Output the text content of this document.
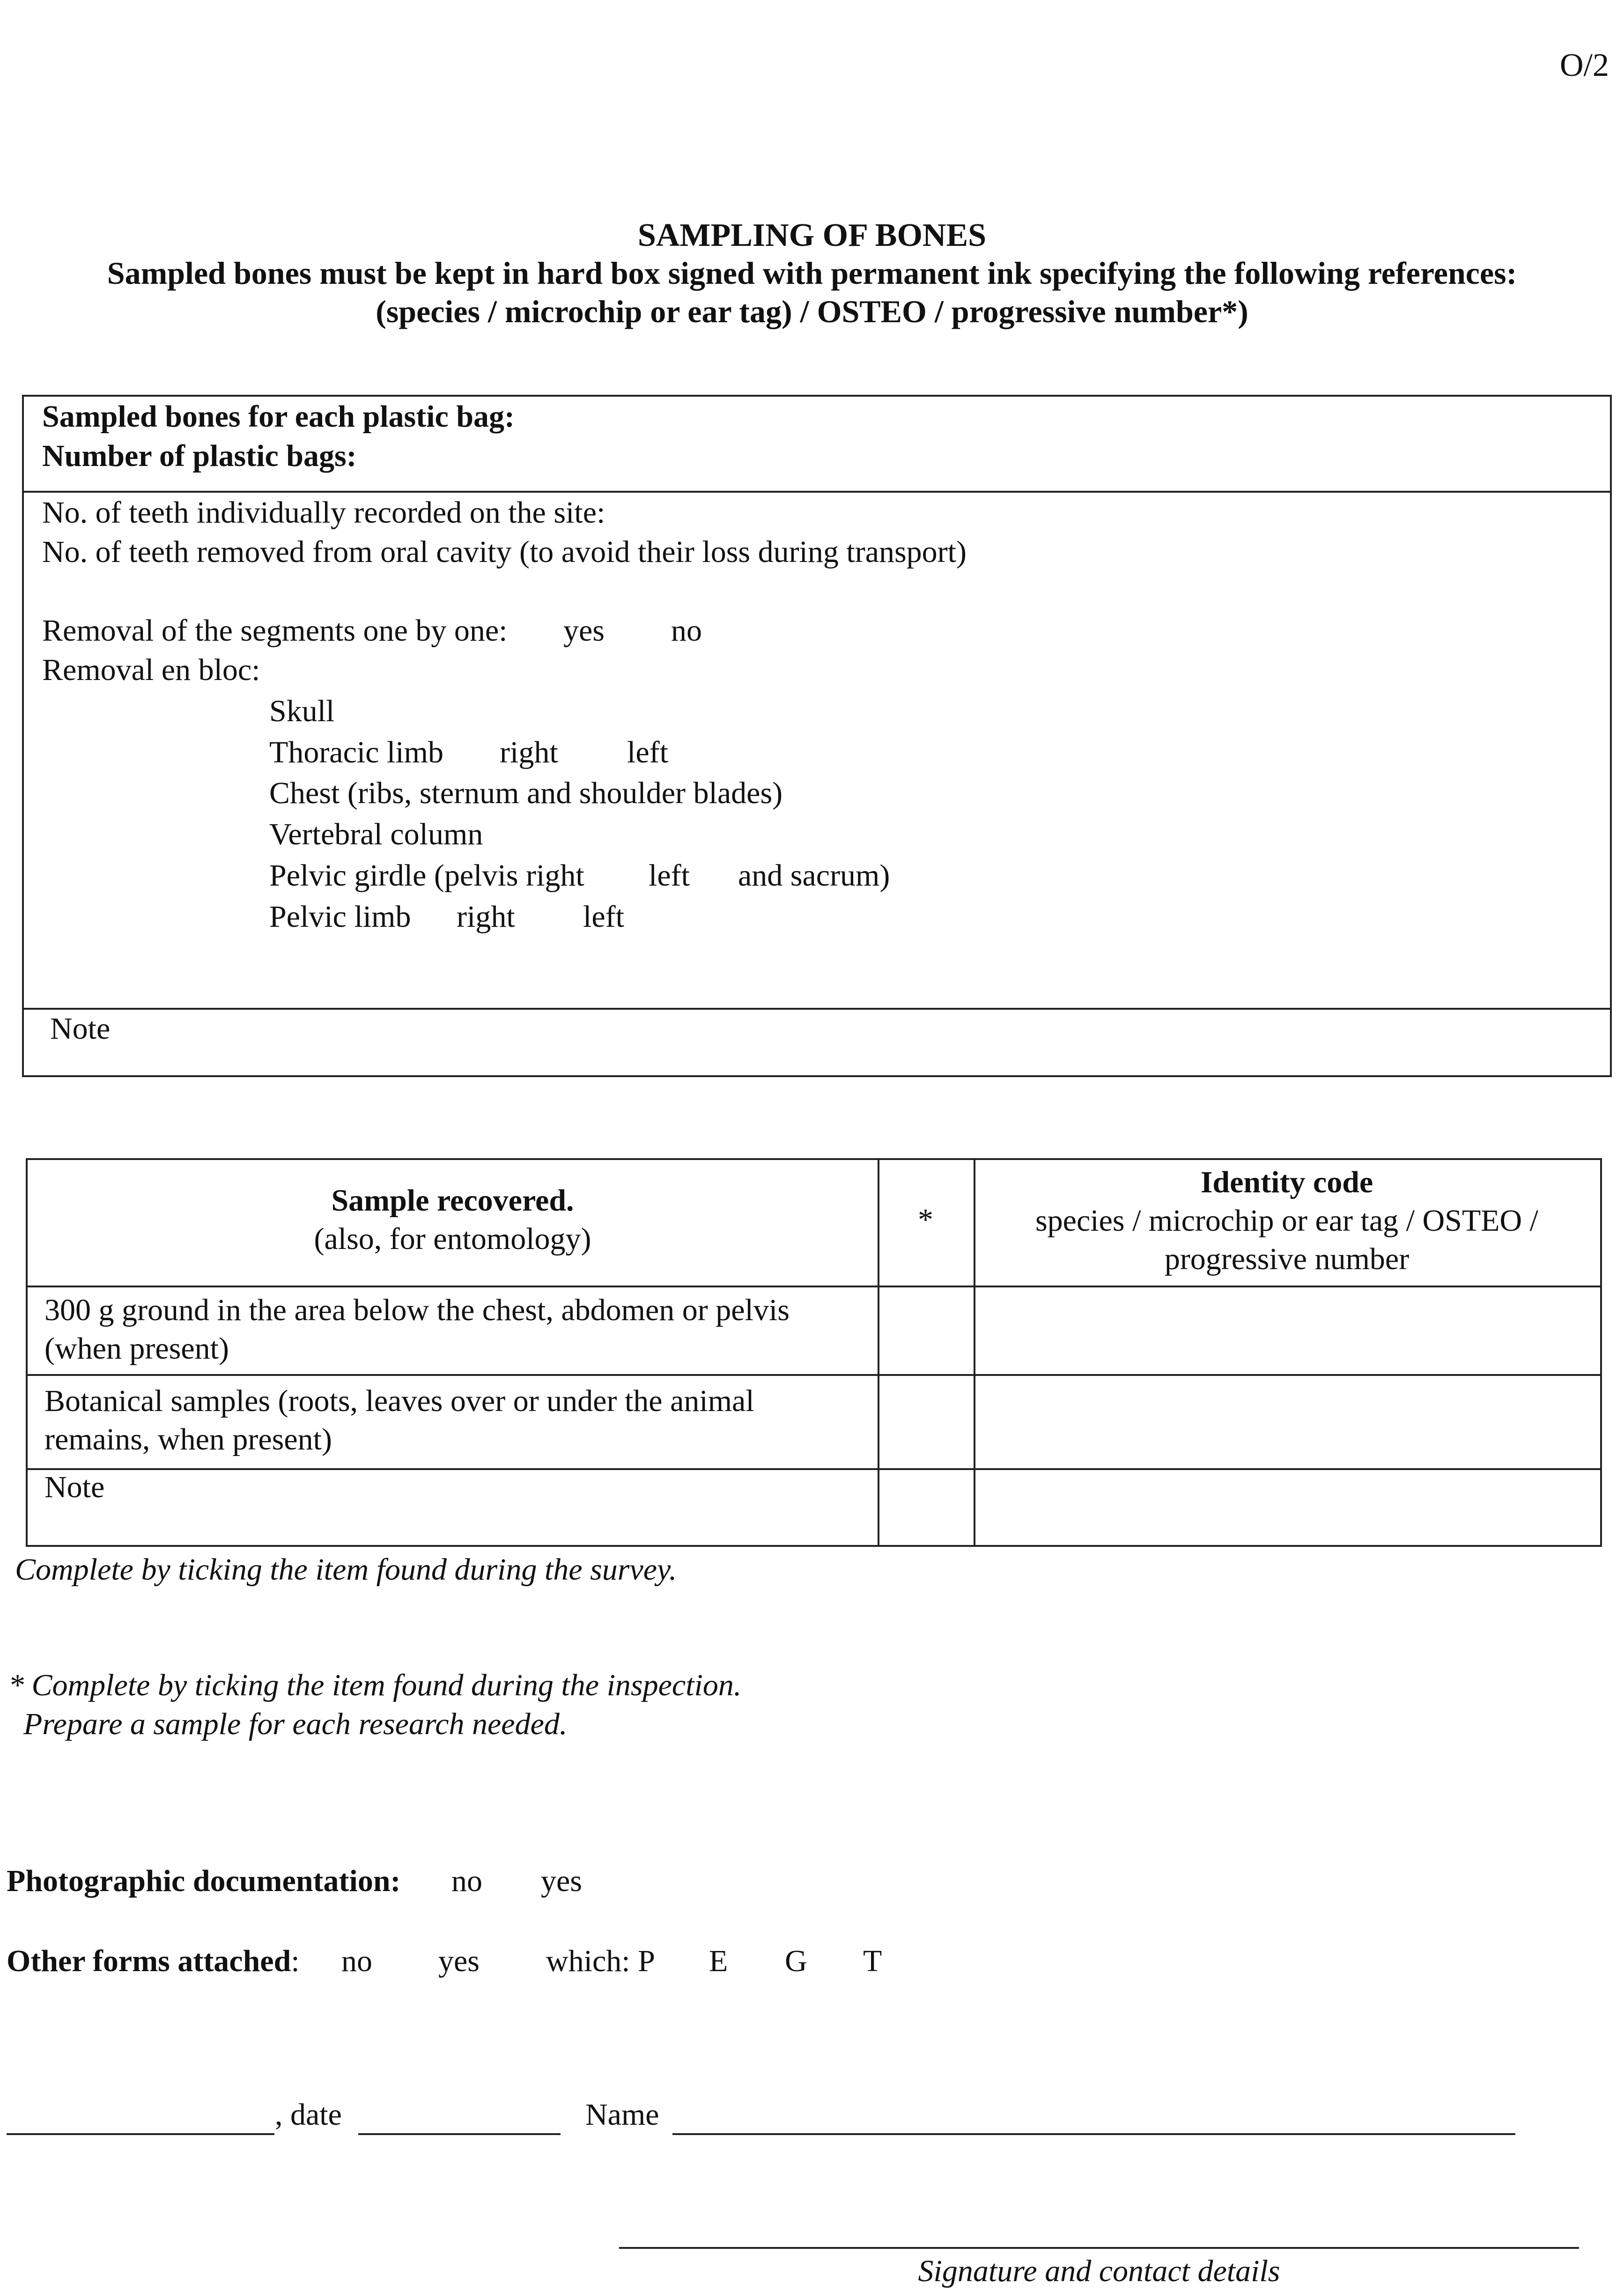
O/2
SAMPLING OF BONES
Sampled bones must be kept in hard box signed with permanent ink specifying the following references:
(species / microchip or ear tag) / OSTEO / progressive number*)
Sampled bones for each plastic bag:
Number of plastic bags:
No. of teeth individually recorded on the site:
No. of teeth removed from oral cavity (to avoid their loss during transport)
Removal of the segments one by one: yes no
Removal en bloc:
Skull
Thoracic limb right left
Chest (ribs, sternum and shoulder blades)
Vertebral column
Pelvic girdle (pelvis right left and sacrum)
Pelvic limb right left
Note
Sample recovered.
(also, for entomology)
*
Identity code
species / microchip or ear tag / OSTEO /
progressive number
300 g ground in the area below the chest, abdomen or pelvis
(when present)
Botanical samples (roots, leaves over or under the animal
remains, when present)
Note
Complete by ticking the item found during the survey.
* Complete by ticking the item found during the inspection.
Prepare a sample for each research needed.
Photographic documentation: no yes
Other forms attached: no yes which: P E G T
, date	Name
Signature and contact details
